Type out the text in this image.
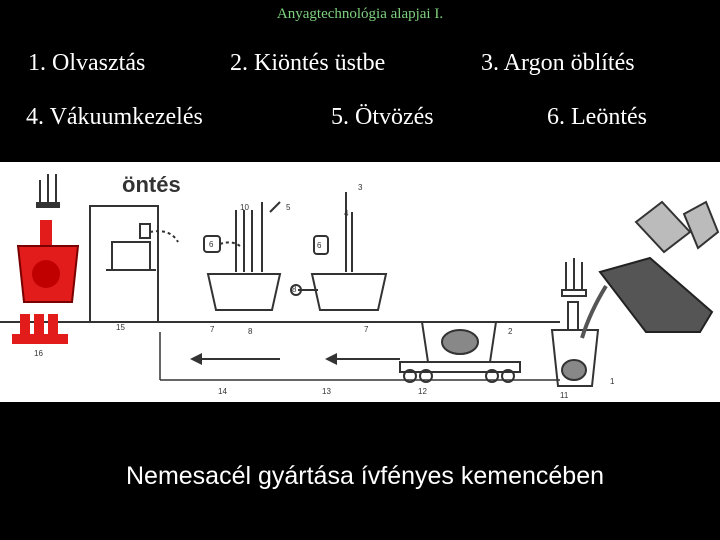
Anyagtechnológia alapjai I.
1. Olvasztás	2. Kiöntés üstbe	3. Argon öblítés
4. Vákuumkezelés	5. Ötvözés	6. Leöntés
öntés
1
2
3
4
5
6	6
7	7
8
8
10
11
12
13
14
15
16
Nemesacél gyártása ívfényes kemencében
